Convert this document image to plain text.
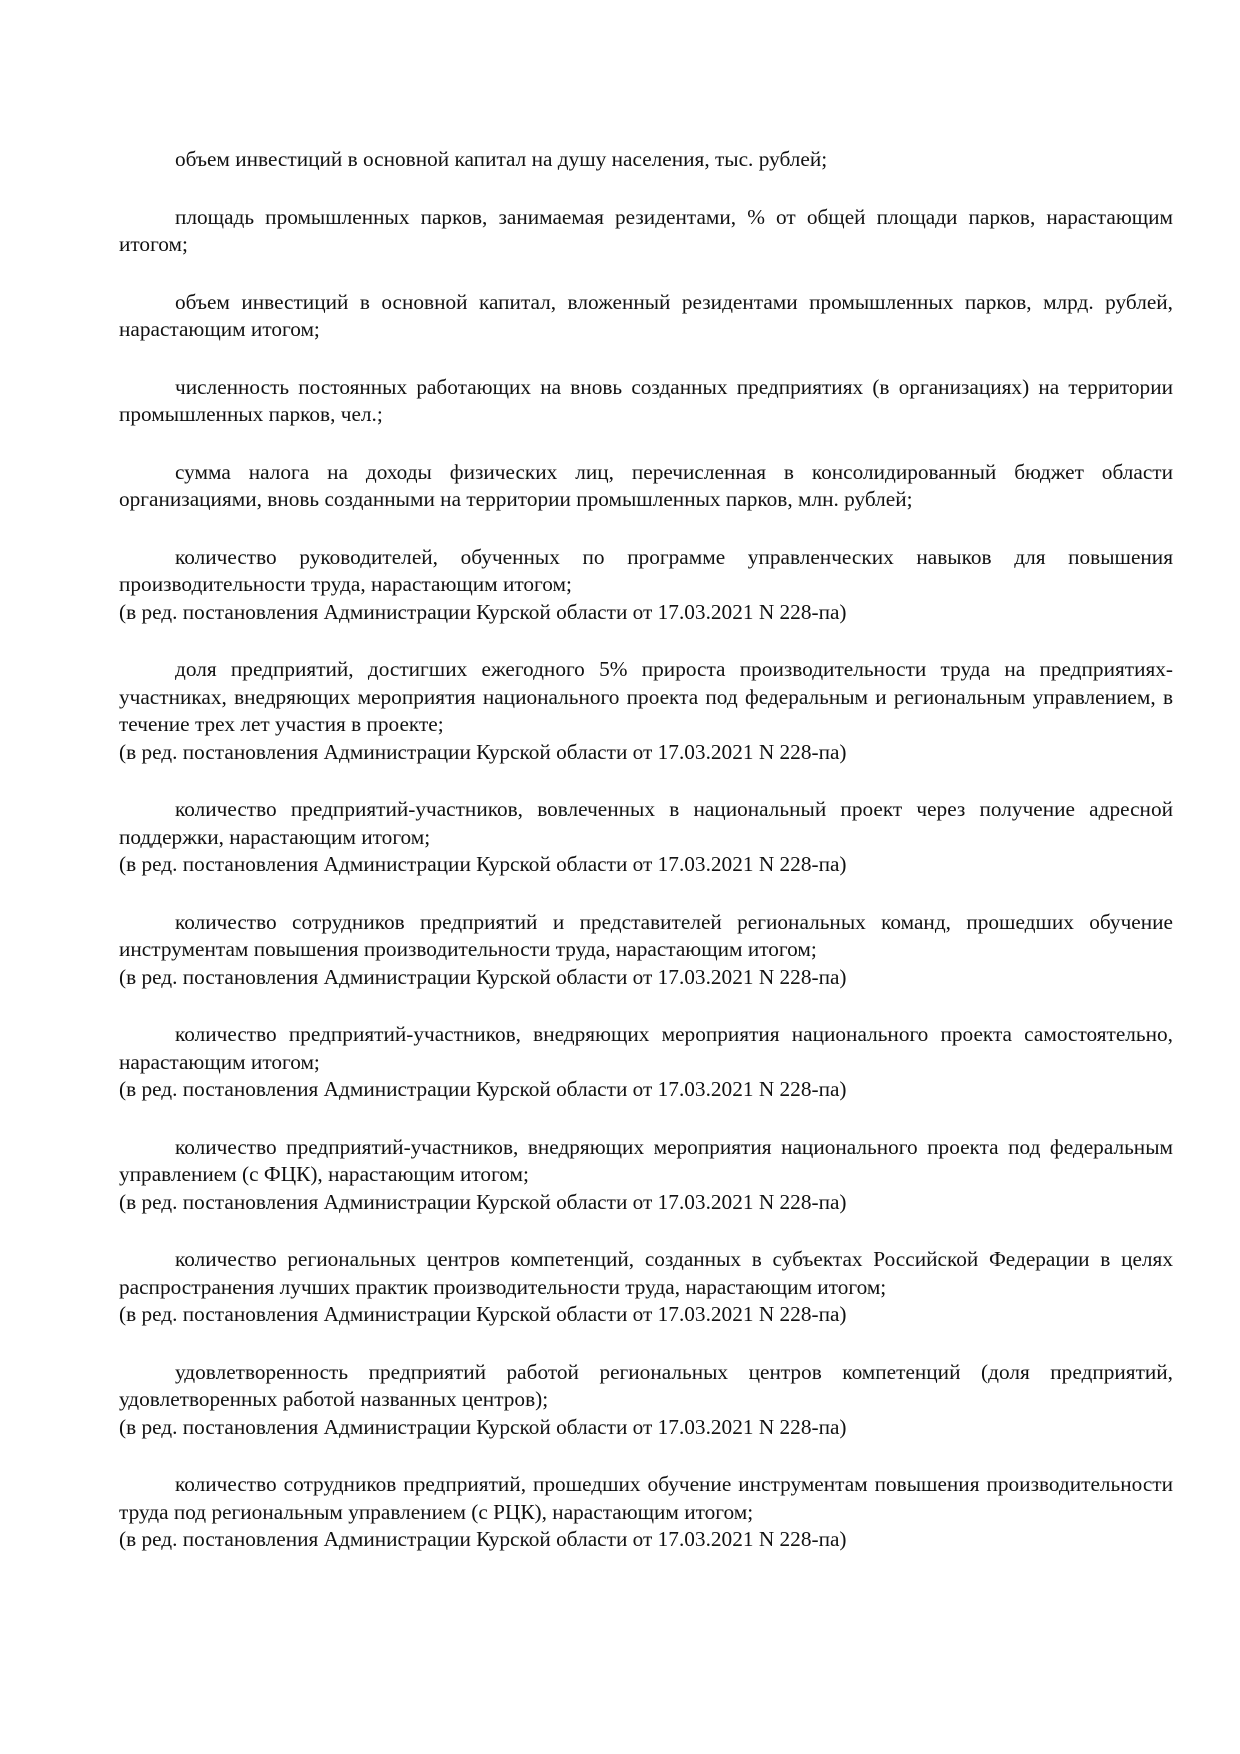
объем инвестиций в основной капитал на душу населения, тыс. рублей;

площадь промышленных парков, занимаемая резидентами, % от общей площади парков, нарастающим итогом;

объем инвестиций в основной капитал, вложенный резидентами промышленных парков, млрд. рублей, нарастающим итогом;

численность постоянных работающих на вновь созданных предприятиях (в организациях) на территории промышленных парков, чел.;

сумма налога на доходы физических лиц, перечисленная в консолидированный бюджет области организациями, вновь созданными на территории промышленных парков, млн. рублей;

количество руководителей, обученных по программе управленческих навыков для повышения производительности труда, нарастающим итогом;

(в ред. постановления Администрации Курской области от 17.03.2021 N 228-па)

доля предприятий, достигших ежегодного 5% прироста производительности труда на предприятиях-участниках, внедряющих мероприятия национального проекта под федеральным и региональным управлением, в течение трех лет участия в проекте;

(в ред. постановления Администрации Курской области от 17.03.2021 N 228-па)

количество предприятий-участников, вовлеченных в национальный проект через получение адресной поддержки, нарастающим итогом;

(в ред. постановления Администрации Курской области от 17.03.2021 N 228-па)

количество сотрудников предприятий и представителей региональных команд, прошедших обучение инструментам повышения производительности труда, нарастающим итогом;

(в ред. постановления Администрации Курской области от 17.03.2021 N 228-па)

количество предприятий-участников, внедряющих мероприятия национального проекта самостоятельно, нарастающим итогом;

(в ред. постановления Администрации Курской области от 17.03.2021 N 228-па)

количество предприятий-участников, внедряющих мероприятия национального проекта под федеральным управлением (с ФЦК), нарастающим итогом;

(в ред. постановления Администрации Курской области от 17.03.2021 N 228-па)

количество региональных центров компетенций, созданных в субъектах Российской Федерации в целях распространения лучших практик производительности труда, нарастающим итогом;

(в ред. постановления Администрации Курской области от 17.03.2021 N 228-па)

удовлетворенность предприятий работой региональных центров компетенций (доля предприятий, удовлетворенных работой названных центров);

(в ред. постановления Администрации Курской области от 17.03.2021 N 228-па)

количество сотрудников предприятий, прошедших обучение инструментам повышения производительности труда под региональным управлением (с РЦК), нарастающим итогом;

(в ред. постановления Администрации Курской области от 17.03.2021 N 228-па)
